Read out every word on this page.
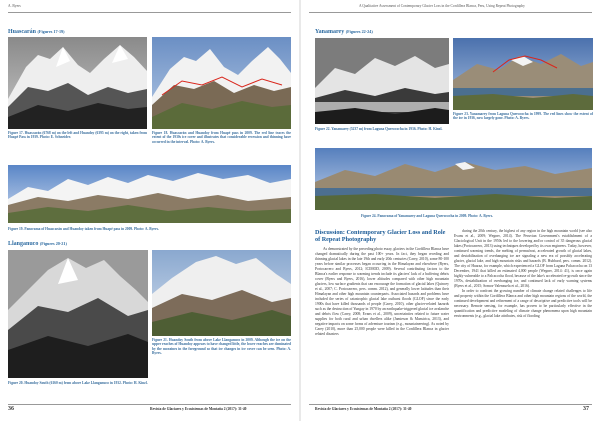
A. Byers
Huascarán (Figures 17-19)
Figure 17. Huascarán (6768 m) on the left and Huandoy (6395 m) on the right, taken from Huapé Pass in 1939. Photo: E. Schneider.
Figure 18. Huascarán and Huandoy from Huapé pass in 2009. The red line traces the extent of the 1930s ice cover and illustrates that considerable recession and thinning have occurred in the interval. Photo: A. Byers.
Figure 19. Panorama of Huascarán and Huandoy taken from Huapé pass in 2009. Photo: A. Byers.
Llanganuco (Figures 20-21)
Figure 21. Huandoy South from above Lake Llanganuco in 2009. Although the ice on the upper reaches of Huandoy appears to have changed little, the lower reaches are dominated by the moraines in the foreground so that ice changes in ice cover can be seen. Photo: A. Byers.
Figure 20. Huandoy South (6160 m) from above Lake Llanganuco in 1932. Photo: H. Kinzl.
36	Revista de Glaciares y Ecosistemas de Montaña 2 (2017): 31-40
A Qualitative Assessment of Contemporary Glacier Loss in the Cordillera Blanca, Peru, Using Repeat Photography
Yanamarey (Figures 22-24)
Figure 23. Yanamarey from Laguna Querococha in 1999. The red lines show the extent of the ice in 1936, now largely gone. Photo: A. Byers.
Figure 22. Yanamarey (5237 m) from Laguna Querococha in 1936. Photo: H. Kinzl.
Figure 24. Panorama of Yanamarey and Laguna Querococha in 2009. Photo: A. Byers.
Discussion: Contemporary Glacier Loss and Role of Repeat Photography

As demonstrated by the preceding photo essay, glaciers in the Cordillera Blanca have changed dramatically during the past 100+ years. In fact, they began receding and thinning glacial lakes in the late 19th and early 20th centuries (Carey, 2010), some 80-100 years before similar processes began occurring in the Himalayan and elsewhere (Byers, Portocarrero and Byers, 2012; ICIMOD, 2009). Several contributing factors to the Blanca's earlier response to warming trends include its glaciers' lack of a buffering debris cover (Byers and Byers, 2016), lower altitudes compared with other high mountain glaciers, low surface gradients that can encourage the formation of glacial lakes (Quincey et al., 2007; C. Portocarrero, pers. comm. 2012), and generally lower latitudes than their Himalayan and other high mountain counterparts. Associated hazards and problems have included the series of catastrophic glacial lake outburst floods (GLOF) since the early 1900s that have killed thousands of people (Carey, 2010), other glacier-related hazards such as the destruction of Yungay in 1970 by an earthquake-triggered glacial ice avalanche and debris flow (Carey, 2008; Evans et al., 2009), uncertainties related to future water supplies for both rural and urban dwellers alike (Jamieson & Mansirica, 2013), and negative impacts on some forms of adventure tourism (e.g., mountaineering). As noted by Carey (2010), more than 25,000 people were killed in the Cordillera Blanca in glacier related disasters

during the 20th century, the highest of any region in the high mountain world (see also Evans et al., 2009; Wegner, 2014). The Peruvian Government's establishment of a Glaciological Unit in the 1950s led to the lowering and/or control of 35 dangerous glacial lakes (Portocarrero, 2013) using techniques developed by its own engineers. Today, however, continued warming trends, the melting of permafrost, accelerated growth of glacial lakes, and destabilization of overhanging ice are signaling a new era of possibly accelerating glacier, glacial lake, and high mountain risks and hazards (B. Hubbard, pers. comm. 2012). The city of Huaraz, for example, which experienced a GLOF from Laguna Palcacocha on 13 December, 1941 that killed an estimated 4,000 people (Wegner, 2014: 41), is once again highly vulnerable to a Palcacocha flood, because of the lake's accelerated re-growth since the 1970s, destabilization of overhanging ice, and continued lack of early warning systems (Byers et al., 2015; Somos-Valenzuela et al., 2016).

In order to confront the growing number of climate change related challenges to life and property within the Cordillera Blanca and other high mountain regions of the world, the continued development and refinement of a range of descriptive and predictive tools will be necessary. Remote sensing, for example, has proven to be particularly effective in the quantification and predictive modeling of climate change phenomena upon high mountain environments (e.g., glacial lake attributes, risk of flooding

Revista de Glaciares y Ecosistemas de Montaña 2 (2017): 31-40	37
